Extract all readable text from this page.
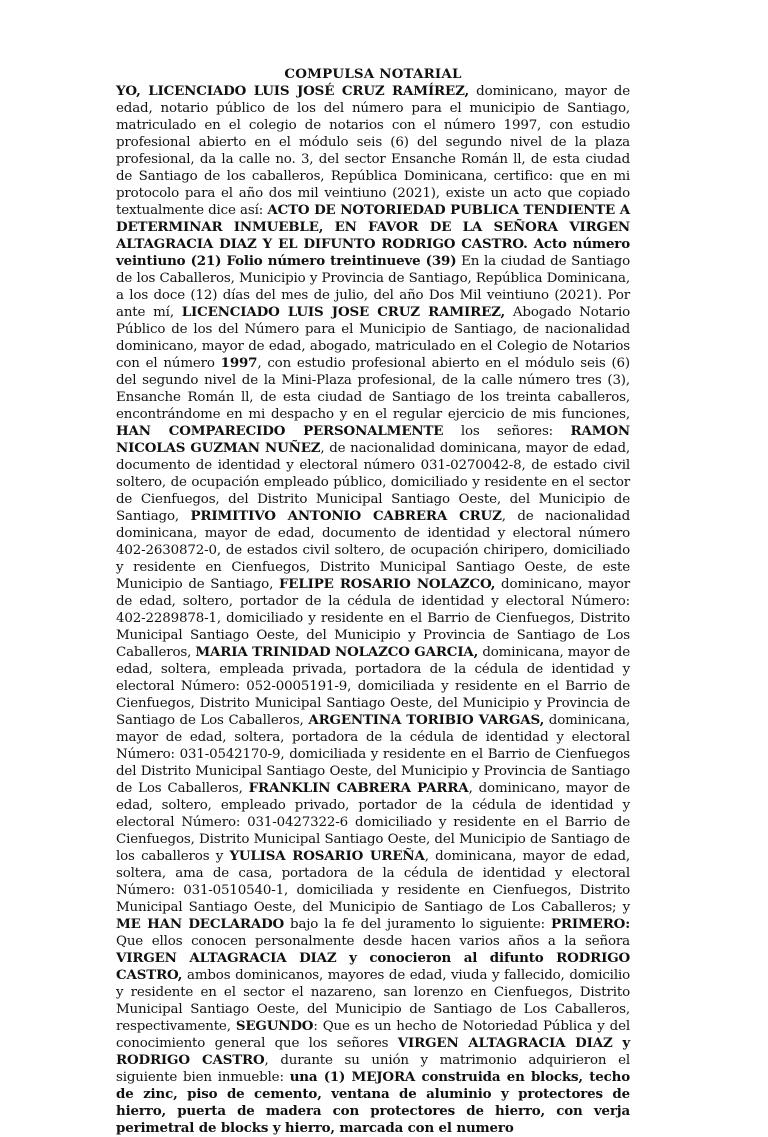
COMPULSA NOTARIAL

YO, LICENCIADO LUIS JOSÉ CRUZ RAMÍREZ, dominicano, mayor de edad, notario público de los del número para el municipio de Santiago, matriculado en el colegio de notarios con el número 1997, con estudio profesional abierto en el módulo seis (6) del segundo nivel de la plaza profesional, da la calle no. 3, del sector Ensanche Román ll, de esta ciudad de Santiago de los caballeros, República Dominicana, certifico: que en mi protocolo para el año dos mil veintiuno (2021), existe un acto que copiado textualmente dice así: ACTO DE NOTORIEDAD PUBLICA TENDIENTE A DETERMINAR INMUEBLE, EN FAVOR DE LA SEÑORA VIRGEN ALTAGRACIA DIAZ Y EL DIFUNTO RODRIGO CASTRO. Acto número veintiuno (21) Folio número treintinueve (39) En la ciudad de Santiago de los Caballeros, Municipio y Provincia de Santiago, República Dominicana, a los doce (12) días del mes de julio, del año Dos Mil veintiuno (2021). Por ante mí, LICENCIADO LUIS JOSE CRUZ RAMIREZ, Abogado Notario Público de los del Número para el Municipio de Santiago, de nacionalidad dominicano, mayor de edad, abogado, matriculado en el Colegio de Notarios con el número 1997, con estudio profesional abierto en el módulo seis (6) del segundo nivel de la Mini-Plaza profesional, de la calle número tres (3), Ensanche Román ll, de esta ciudad de Santiago de los treinta caballeros, encontrándome en mi despacho y en el regular ejercicio de mis funciones, HAN COMPARECIDO PERSONALMENTE los señores: RAMON NICOLAS GUZMAN NUÑEZ, de nacionalidad dominicana, mayor de edad, documento de identidad y electoral número 031-0270042-8, de estado civil soltero, de ocupación empleado público, domiciliado y residente en el sector de Cienfuegos, del Distrito Municipal Santiago Oeste, del Municipio de Santiago, PRIMITIVO ANTONIO CABRERA CRUZ, de nacionalidad dominicana, mayor de edad, documento de identidad y electoral número 402-2630872-0, de estados civil soltero, de ocupación chiripero, domiciliado y residente en Cienfuegos, Distrito Municipal Santiago Oeste, de este Municipio de Santiago, FELIPE ROSARIO NOLAZCO, dominicano, mayor de edad, soltero, portador de la cédula de identidad y electoral Número: 402-2289878-1, domiciliado y residente en el Barrio de Cienfuegos, Distrito Municipal Santiago Oeste, del Municipio y Provincia de Santiago de Los Caballeros, MARIA TRINIDAD NOLAZCO GARCIA, dominicana, mayor de edad, soltera, empleada privada, portadora de la cédula de identidad y electoral Número: 052-0005191-9, domiciliada y residente en el Barrio de Cienfuegos, Distrito Municipal Santiago Oeste, del Municipio y Provincia de Santiago de Los Caballeros, ARGENTINA TORIBIO VARGAS, dominicana, mayor de edad, soltera, portadora de la cédula de identidad y electoral Número: 031-0542170-9, domiciliada y residente en el Barrio de Cienfuegos del Distrito Municipal Santiago Oeste, del Municipio y Provincia de Santiago de Los Caballeros, FRANKLIN CABRERA PARRA, dominicano, mayor de edad, soltero, empleado privado, portador de la cédula de identidad y electoral Número: 031-0427322-6 domiciliado y residente en el Barrio de Cienfuegos, Distrito Municipal Santiago Oeste, del Municipio de Santiago de los caballeros y YULISA ROSARIO UREÑA, dominicana, mayor de edad, soltera, ama de casa, portadora de la cédula de identidad y electoral Número: 031-0510540-1, domiciliada y residente en Cienfuegos, Distrito Municipal Santiago Oeste, del Municipio de Santiago de Los Caballeros; y ME HAN DECLARADO bajo la fe del juramento lo siguiente: PRIMERO: Que ellos conocen personalmente desde hacen varios años a la señora VIRGEN ALTAGRACIA DIAZ y conocieron al difunto RODRIGO CASTRO, ambos dominicanos, mayores de edad, viuda y fallecido, domicilio y residente en el sector el nazareno, san lorenzo en Cienfuegos, Distrito Municipal Santiago Oeste, del Municipio de Santiago de Los Caballeros, respectivamente, SEGUNDO: Que es un hecho de Notoriedad Pública y del conocimiento general que los señores VIRGEN ALTAGRACIA DIAZ y RODRIGO CASTRO, durante su unión y matrimonio adquirieron el siguiente bien inmueble: una (1) MEJORA construida en blocks, techo de zinc, piso de cemento, ventana de aluminio y protectores de hierro, puerta de madera con protectores de hierro, con verja perimetral de blocks y hierro, marcada con el numero
